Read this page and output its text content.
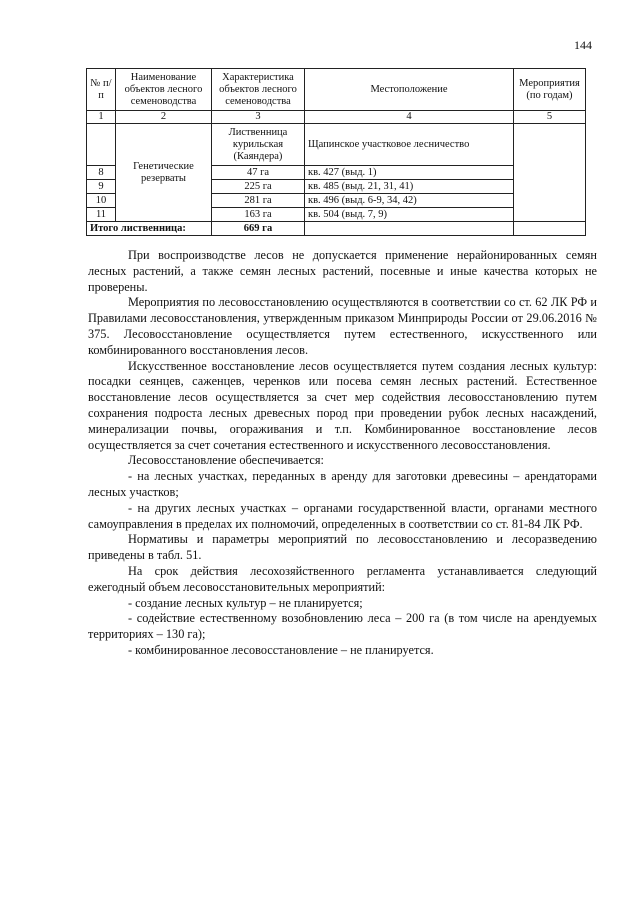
144
№ п/п	Наименование объектов лесного семеноводства	Характеристика объектов лесного семеноводства	Местоположение	Мероприятия (по годам)
1	2	3	4	5
	Генетические резерваты	Лиственница курильская (Каяндера)	Щапинское участковое лесничество	
8		47 га	кв. 427 (выд. 1)	
9		225 га	кв. 485 (выд. 21, 31, 41)	
10		281 га	кв. 496 (выд. 6-9, 34, 42)	
11		163 га	кв. 504 (выд. 7, 9)	
Итого лиственница:		669 га		

При воспроизводстве лесов не допускается применение нерайонированных семян лесных растений, а также семян лесных растений, посевные и иные качества которых не проверены.

Мероприятия по лесовосстановлению осуществляются в соответствии со ст. 62 ЛК РФ и Правилами лесовосстановления, утвержденным приказом Минприроды России от 29.06.2016 № 375. Лесовосстановление осуществляется путем естественного, искусственного или комбинированного восстановления лесов.

Искусственное восстановление лесов осуществляется путем создания лесных культур: посадки сеянцев, саженцев, черенков или посева семян лесных растений. Естественное восстановление лесов осуществляется за счет мер содействия лесовосстановлению путем сохранения подроста лесных древесных пород при проведении рубок лесных насаждений, минерализации почвы, огораживания и т.п. Комбинированное восстановление лесов осуществляется за счет сочетания естественного и искусственного лесовосстановления.

Лесовосстановление обеспечивается:

- на лесных участках, переданных в аренду для заготовки древесины – арендаторами лесных участков;

- на других лесных участках – органами государственной власти, органами местного самоуправления в пределах их полномочий, определенных в соответствии со ст. 81-84 ЛК РФ.

Нормативы и параметры мероприятий по лесовосстановлению и лесоразведению приведены в табл. 51.

На срок действия лесохозяйственного регламента устанавливается следующий ежегодный объем лесовосстановительных мероприятий:

- создание лесных культур – не планируется;

- содействие естественному возобновлению леса – 200 га (в том числе на арендуемых территориях – 130 га);

- комбинированное лесовосстановление – не планируется.
